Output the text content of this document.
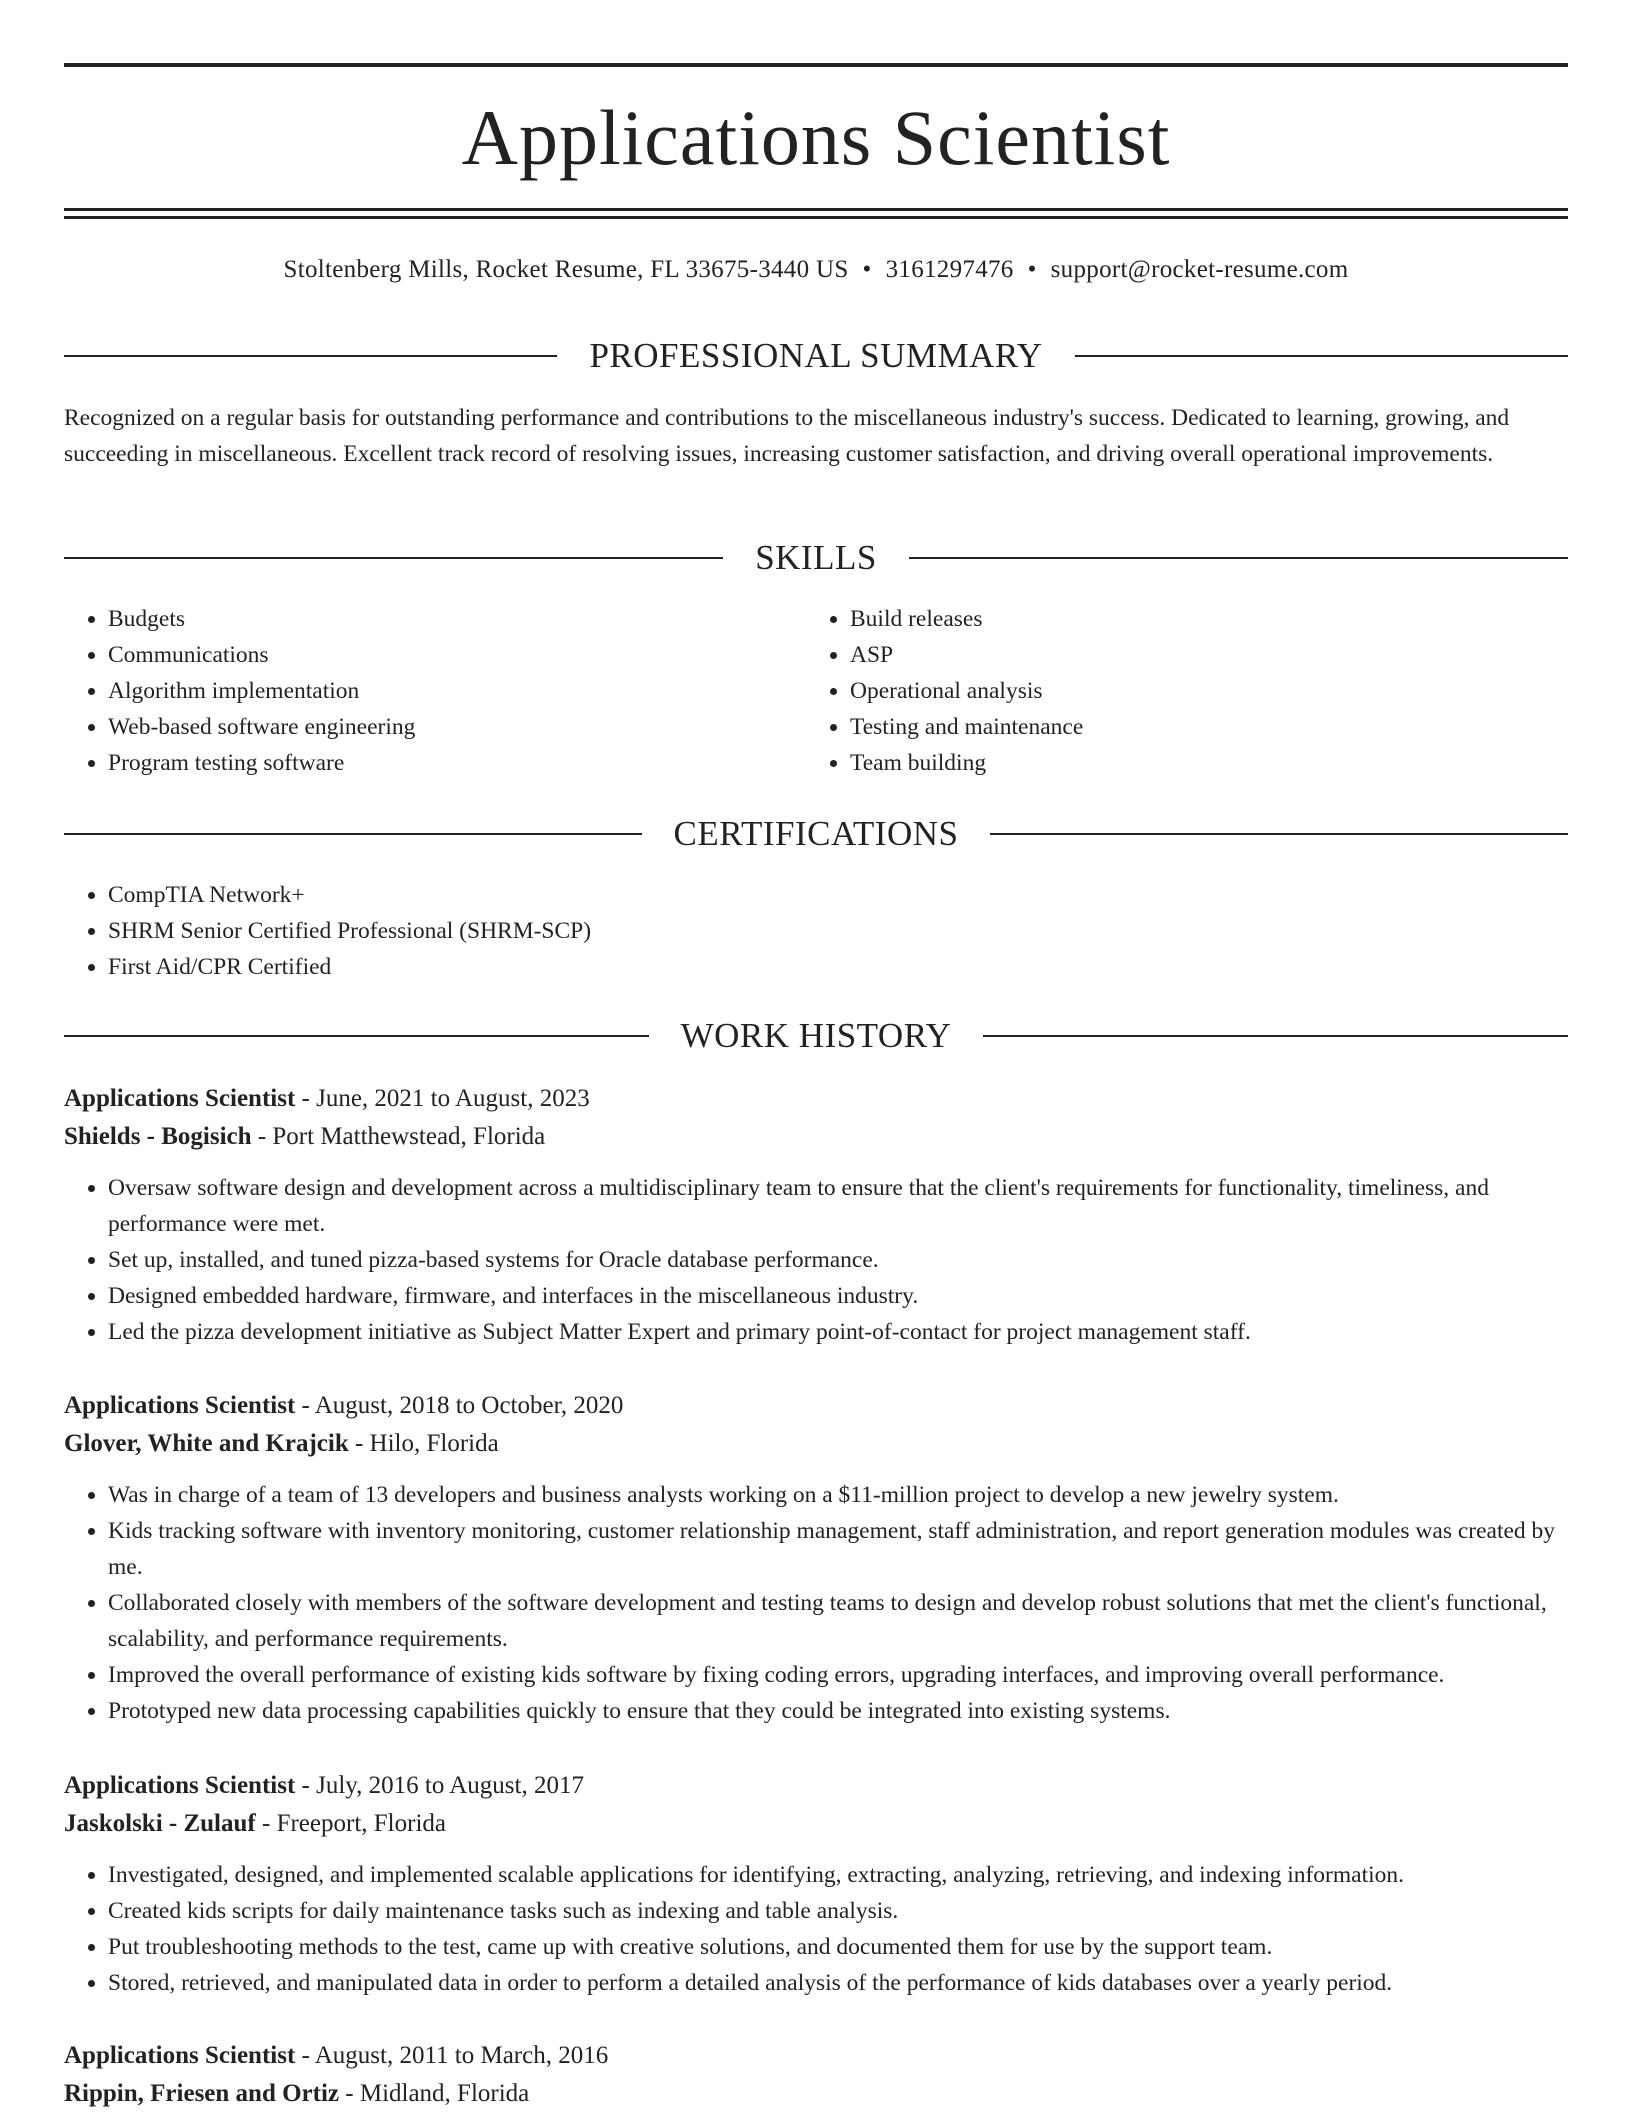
Applications Scientist
Stoltenberg Mills, Rocket Resume, FL 33675-3440 US • 3161297476 • support@rocket-resume.com
PROFESSIONAL SUMMARY

Recognized on a regular basis for outstanding performance and contributions to the miscellaneous industry's success. Dedicated to learning, growing, and succeeding in miscellaneous. Excellent track record of resolving issues, increasing customer satisfaction, and driving overall operational improvements.

SKILLS
• Budgets
• Communications
• Algorithm implementation
• Web-based software engineering
• Program testing software
• Build releases
• ASP
• Operational analysis
• Testing and maintenance
• Team building
CERTIFICATIONS
• CompTIA Network+
• SHRM Senior Certified Professional (SHRM-SCP)
• First Aid/CPR Certified
WORK HISTORY
Applications Scientist - June, 2021 to August, 2023
Shields - Bogisich - Port Matthewstead, Florida
• Oversaw software design and development across a multidisciplinary team to ensure that the client's requirements for functionality, timeliness, and performance were met.
• Set up, installed, and tuned pizza-based systems for Oracle database performance.
• Designed embedded hardware, firmware, and interfaces in the miscellaneous industry.
• Led the pizza development initiative as Subject Matter Expert and primary point-of-contact for project management staff.
Applications Scientist - August, 2018 to October, 2020
Glover, White and Krajcik - Hilo, Florida
• Was in charge of a team of 13 developers and business analysts working on a $11-million project to develop a new jewelry system.
• Kids tracking software with inventory monitoring, customer relationship management, staff administration, and report generation modules was created by me.
• Collaborated closely with members of the software development and testing teams to design and develop robust solutions that met the client's functional, scalability, and performance requirements.
• Improved the overall performance of existing kids software by fixing coding errors, upgrading interfaces, and improving overall performance.
• Prototyped new data processing capabilities quickly to ensure that they could be integrated into existing systems.
Applications Scientist - July, 2016 to August, 2017
Jaskolski - Zulauf - Freeport, Florida
• Investigated, designed, and implemented scalable applications for identifying, extracting, analyzing, retrieving, and indexing information.
• Created kids scripts for daily maintenance tasks such as indexing and table analysis.
• Put troubleshooting methods to the test, came up with creative solutions, and documented them for use by the support team.
• Stored, retrieved, and manipulated data in order to perform a detailed analysis of the performance of kids databases over a yearly period.
Applications Scientist - August, 2011 to March, 2016
Rippin, Friesen and Ortiz - Midland, Florida
